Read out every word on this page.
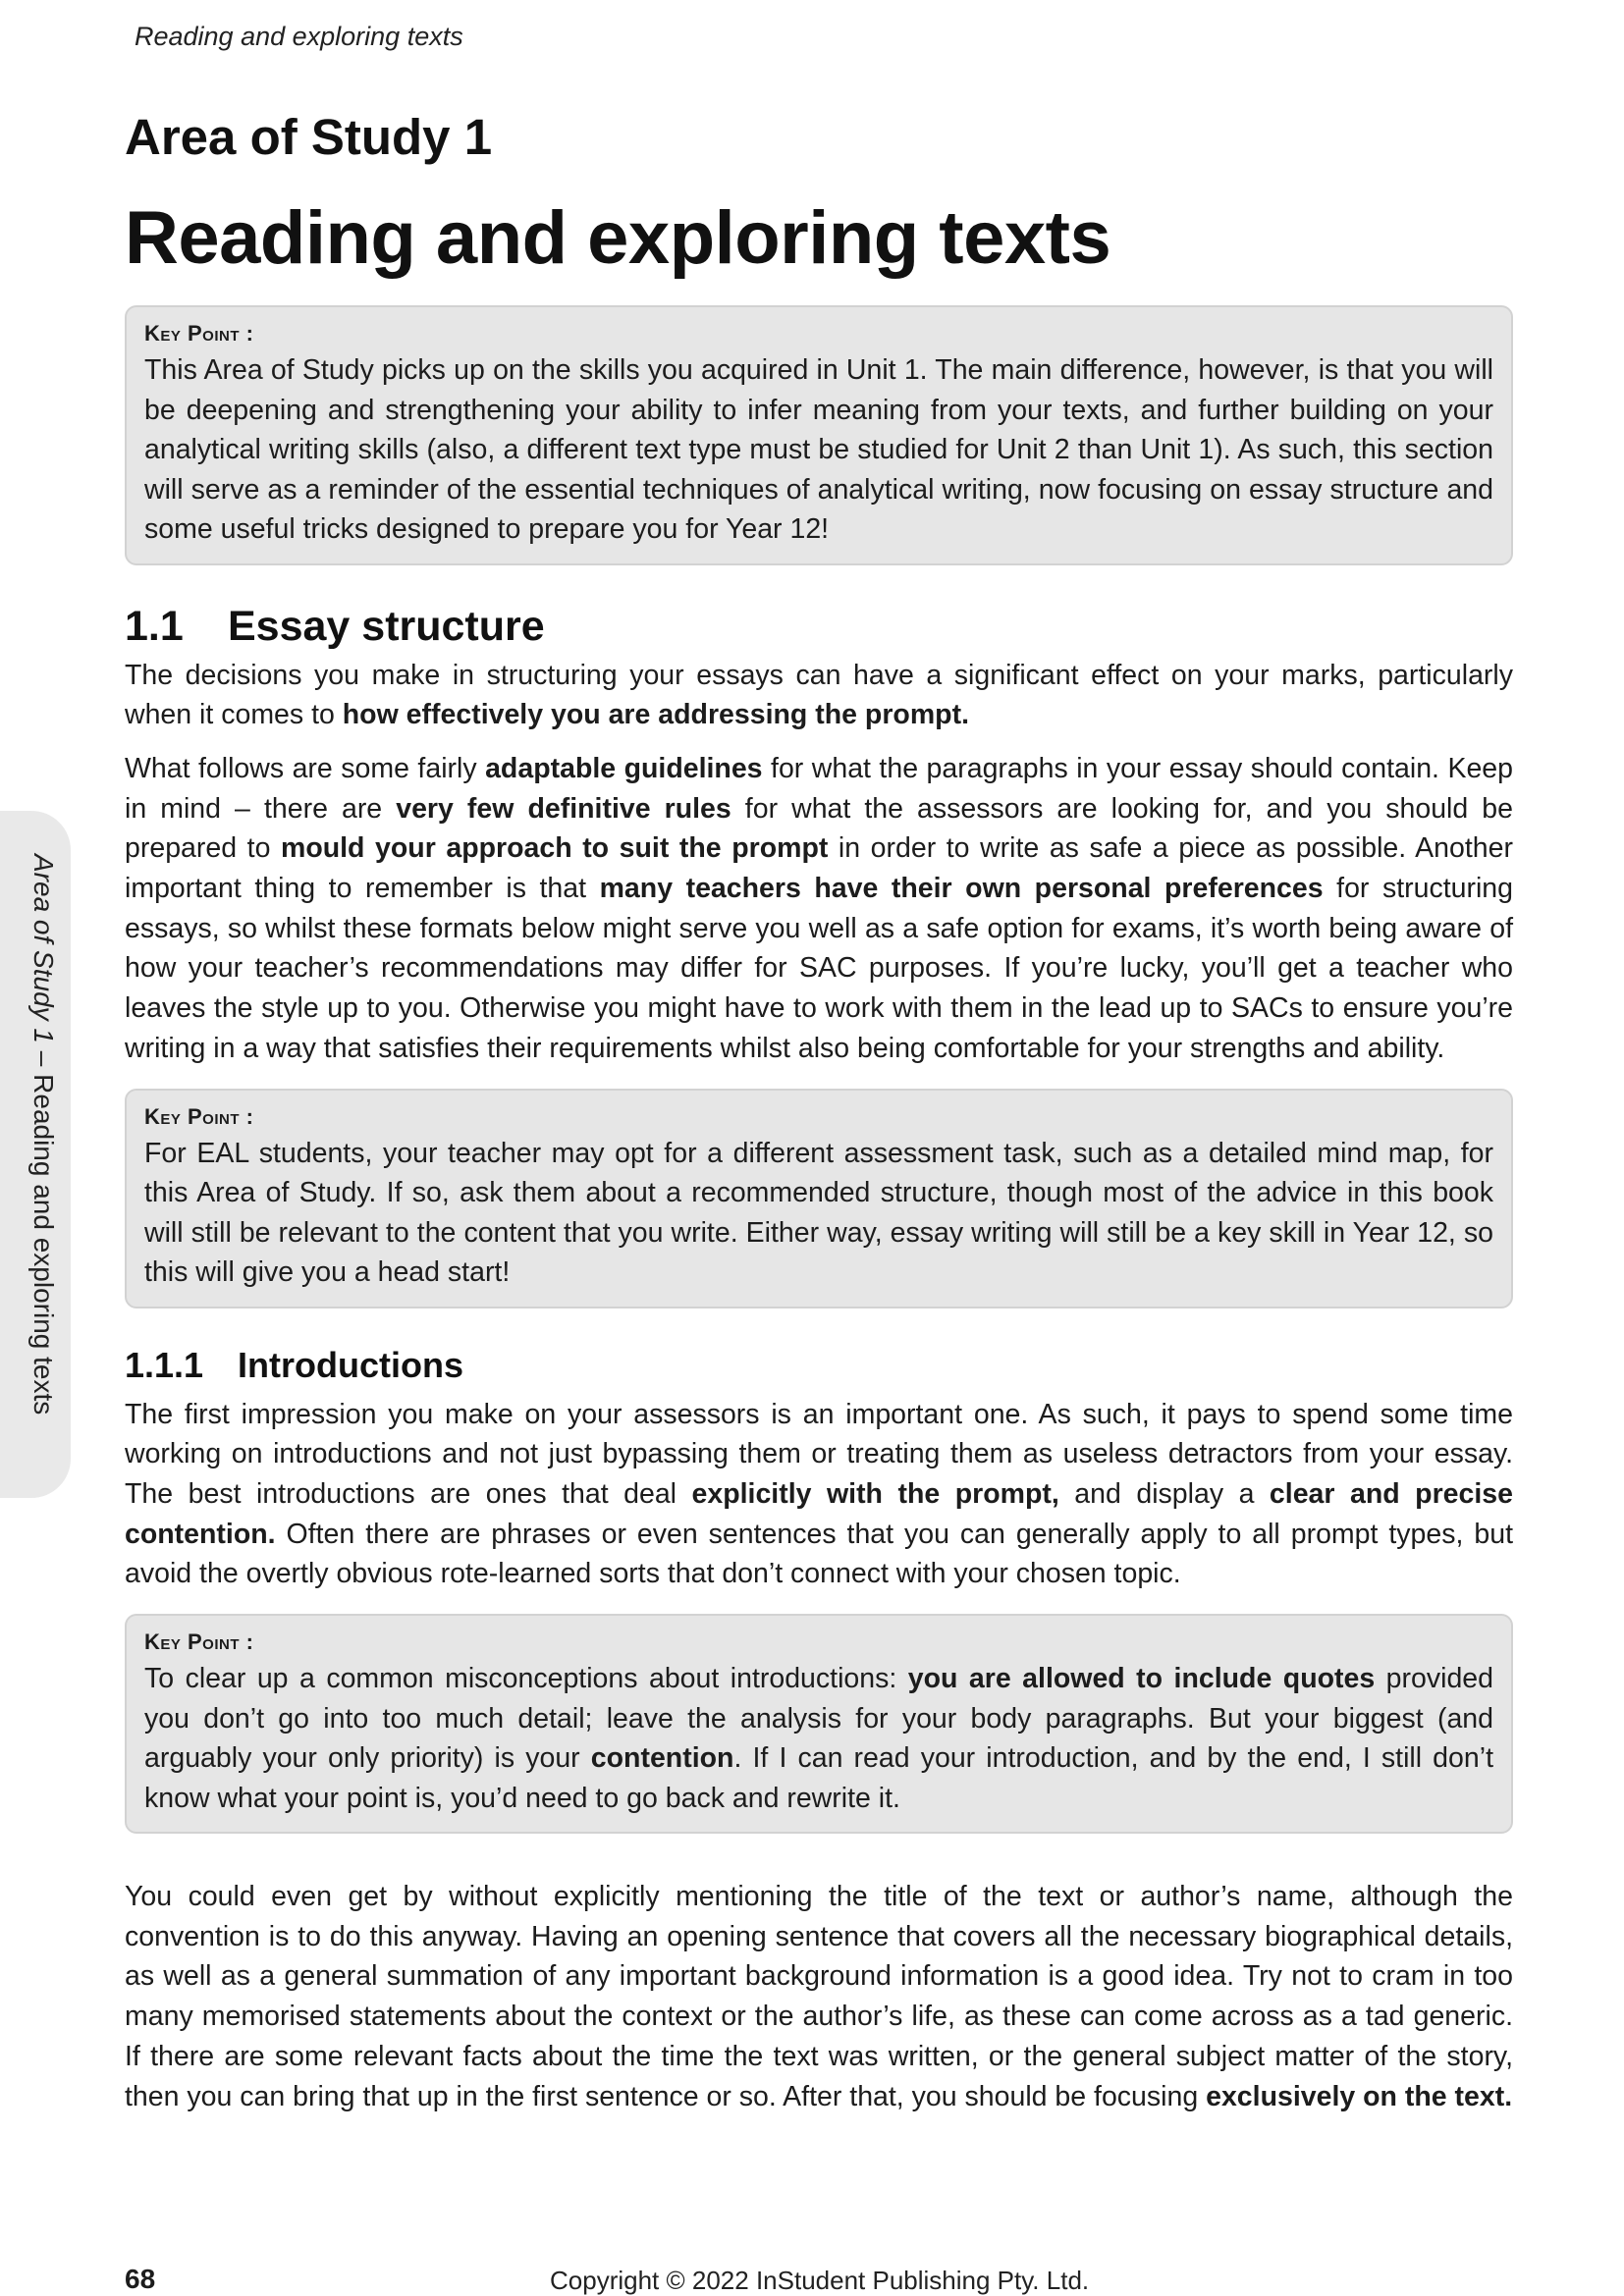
Reading and exploring texts
Area of Study 1 – Reading and exploring texts
Area of Study 1
Reading and exploring texts
Key Point :
This Area of Study picks up on the skills you acquired in Unit 1. The main difference, however, is that you will be deepening and strengthening your ability to infer meaning from your texts, and further building on your analytical writing skills (also, a different text type must be studied for Unit 2 than Unit 1). As such, this section will serve as a reminder of the essential techniques of analytical writing, now focusing on essay structure and some useful tricks designed to prepare you for Year 12!
1.1 Essay structure

The decisions you make in structuring your essays can have a significant effect on your marks, particularly when it comes to how effectively you are addressing the prompt.

What follows are some fairly adaptable guidelines for what the paragraphs in your essay should contain. Keep in mind – there are very few definitive rules for what the assessors are looking for, and you should be prepared to mould your approach to suit the prompt in order to write as safe a piece as possible. Another important thing to remember is that many teachers have their own personal preferences for structuring essays, so whilst these formats below might serve you well as a safe option for exams, it’s worth being aware of how your teacher’s recommendations may differ for SAC purposes. If you’re lucky, you’ll get a teacher who leaves the style up to you. Otherwise you might have to work with them in the lead up to SACs to ensure you’re writing in a way that satisfies their requirements whilst also being comfortable for your strengths and ability.

Key Point :
For EAL students, your teacher may opt for a different assessment task, such as a detailed mind map, for this Area of Study. If so, ask them about a recommended structure, though most of the advice in this book will still be relevant to the content that you write. Either way, essay writing will still be a key skill in Year 12, so this will give you a head start!
1.1.1 Introductions

The first impression you make on your assessors is an important one. As such, it pays to spend some time working on introductions and not just bypassing them or treating them as useless detractors from your essay. The best introductions are ones that deal explicitly with the prompt, and display a clear and precise contention. Often there are phrases or even sentences that you can generally apply to all prompt types, but avoid the overtly obvious rote-learned sorts that don’t connect with your chosen topic.

Key Point :
To clear up a common misconceptions about introductions: you are allowed to include quotes provided you don’t go into too much detail; leave the analysis for your body paragraphs. But your biggest (and arguably your only priority) is your contention. If I can read your introduction, and by the end, I still don’t know what your point is, you’d need to go back and rewrite it.

You could even get by without explicitly mentioning the title of the text or author’s name, although the convention is to do this anyway. Having an opening sentence that covers all the necessary biographical details, as well as a general summation of any important background information is a good idea. Try not to cram in too many memorised statements about the context or the author’s life, as these can come across as a tad generic. If there are some relevant facts about the time the text was written, or the general subject matter of the story, then you can bring that up in the first sentence or so. After that, you should be focusing exclusively on the text.

68	Copyright © 2022 InStudent Publishing Pty. Ltd.
